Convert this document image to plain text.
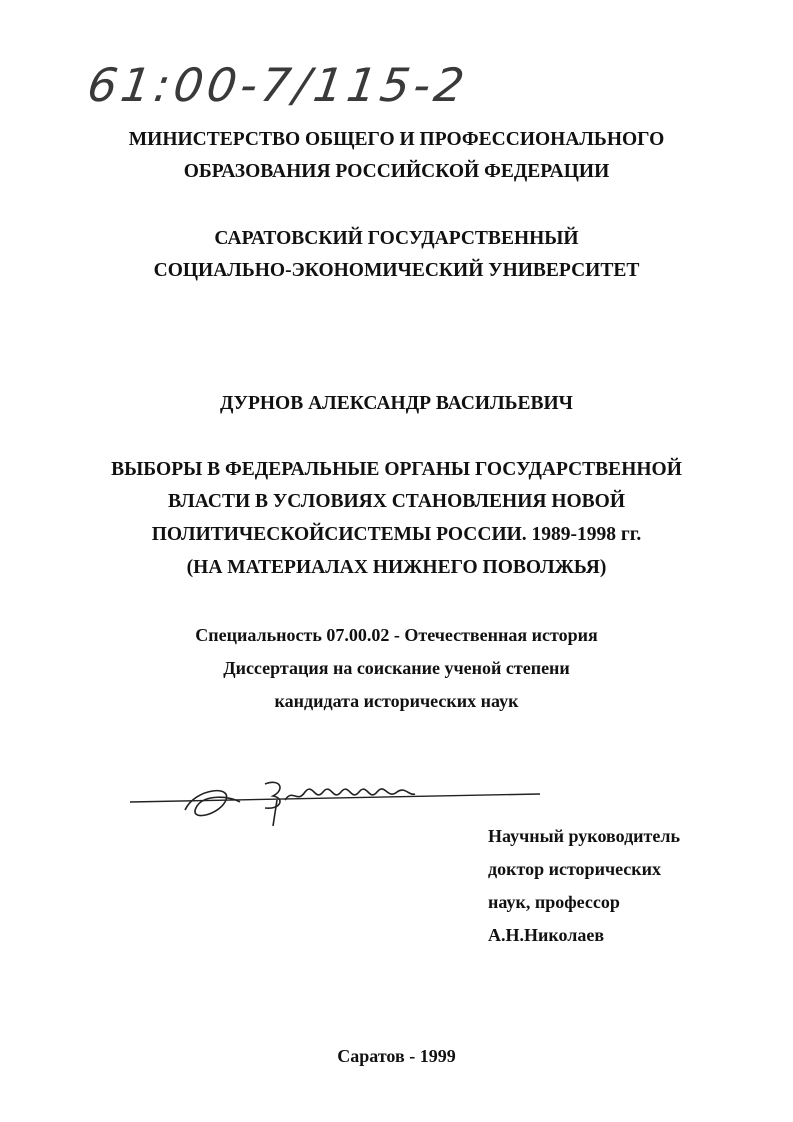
61:00-7/115-2

МИНИСТЕРСТВО ОБЩЕГО И ПРОФЕССИОНАЛЬНОГО

ОБРАЗОВАНИЯ РОССИЙСКОЙ ФЕДЕРАЦИИ

САРАТОВСКИЙ ГОСУДАРСТВЕННЫЙ

СОЦИАЛЬНО-ЭКОНОМИЧЕСКИЙ УНИВЕРСИТЕТ

ДУРНОВ АЛЕКСАНДР ВАСИЛЬЕВИЧ

ВЫБОРЫ В ФЕДЕРАЛЬНЫЕ ОРГАНЫ ГОСУДАРСТВЕННОЙ

ВЛАСТИ В УСЛОВИЯХ СТАНОВЛЕНИЯ НОВОЙ

ПОЛИТИЧЕСКОЙСИСТЕМЫ РОССИИ. 1989-1998 гг.

(НА МАТЕРИАЛАХ НИЖНЕГО ПОВОЛЖЬЯ)

Специальность 07.00.02 - Отечественная история

Диссертация на соискание ученой степени

кандидата исторических наук

Научный руководитель

доктор исторических

наук, профессор

А.Н.Николаев

Саратов - 1999
